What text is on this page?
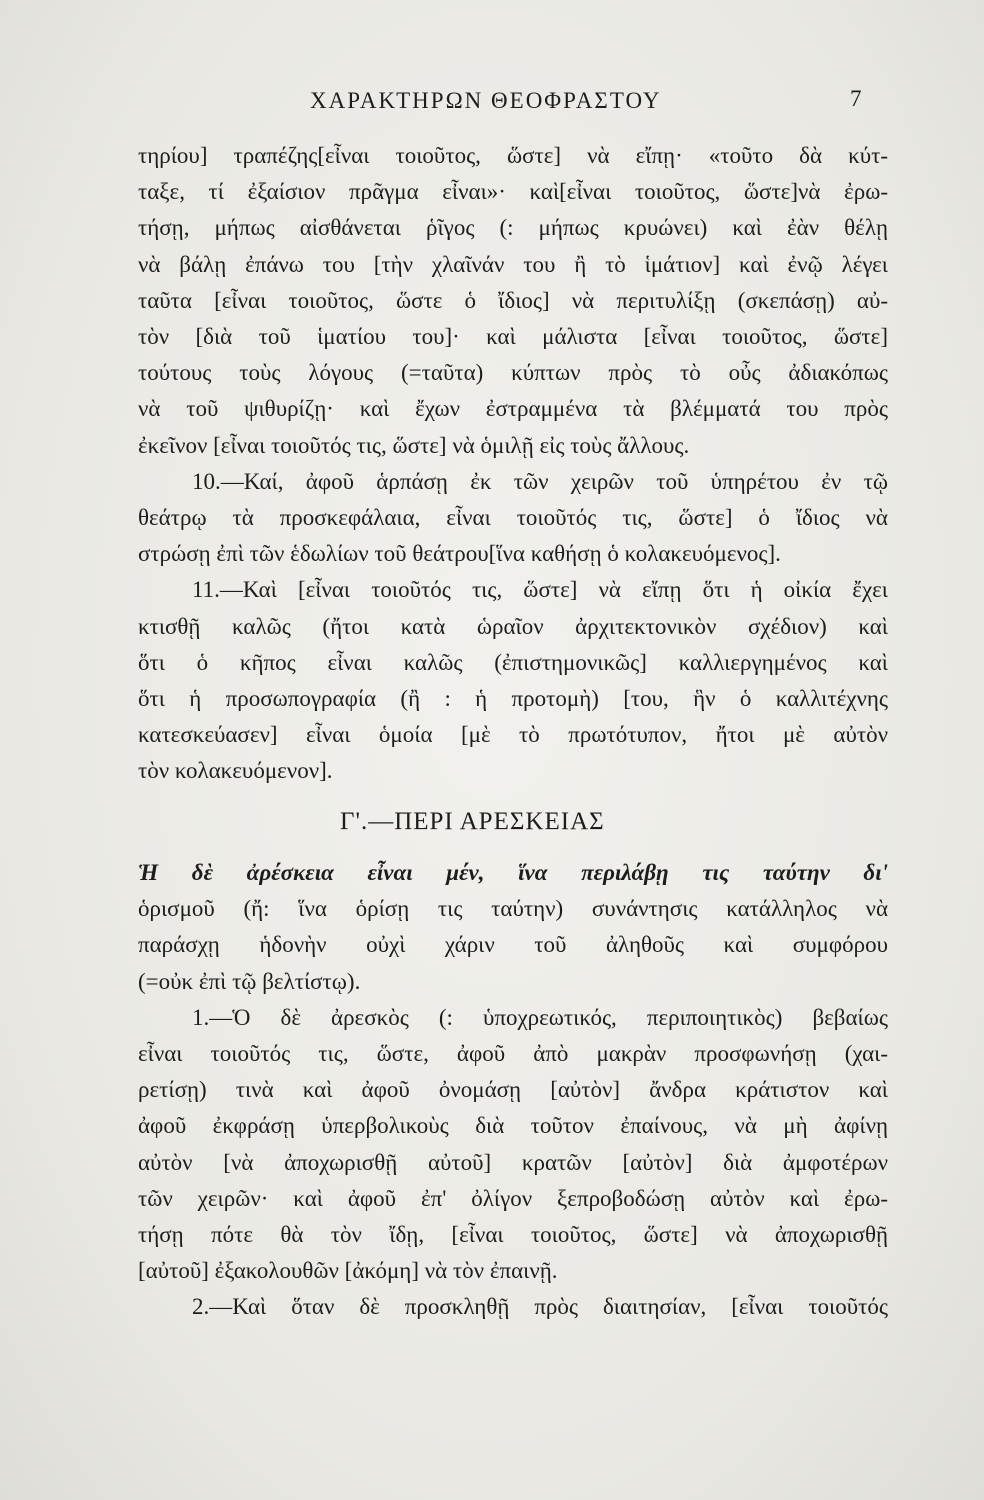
ΧΑΡΑΚΤΗΡΩΝ ΘΕΟΦΡΑΣΤΟΥ	7
τηρίου] τραπέζης[εἶναι τοιοῦτος, ὥστε] νὰ εἴπῃ· «τοῦτο δὰ κύτ-
ταξε, τί ἐξαίσιον πρᾶγμα εἶναι»· καὶ[εἶναι τοιοῦτος, ὥστε]νὰ ἐρω-
τήσῃ, μήπως αἰσθάνεται ῥῖγος (: μήπως κρυώνει) καὶ ἐὰν θέλῃ
νὰ βάλῃ ἐπάνω του [τὴν χλαῖνάν του ἢ τὸ ἱμάτιον] καὶ ἐνῷ λέγει
ταῦτα [εἶναι τοιοῦτος, ὥστε ὁ ἴδιος] νὰ περιτυλίξῃ (σκεπάσῃ) αὐ-
τὸν [διὰ τοῦ ἱματίου του]· καὶ μάλιστα [εἶναι τοιοῦτος, ὥστε]
τούτους τοὺς λόγους (=ταῦτα) κύπτων πρὸς τὸ οὖς ἀδιακόπως
νὰ τοῦ ψιθυρίζῃ· καὶ ἔχων ἐστραμμένα τὰ βλέμματά του πρὸς
ἐκεῖνον [εἶναι τοιοῦτός τις, ὥστε] νὰ ὁμιλῇ εἰς τοὺς ἄλλους.
10.—Καί, ἀφοῦ ἁρπάσῃ ἐκ τῶν χειρῶν τοῦ ὑπηρέτου ἐν τῷ
θεάτρῳ τὰ προσκεφάλαια, εἶναι τοιοῦτός τις, ὥστε] ὁ ἴδιος νὰ
στρώσῃ ἐπὶ τῶν ἑδωλίων τοῦ θεάτρου[ἵνα καθήσῃ ὁ κολακευόμενος].
11.—Καὶ [εἶναι τοιοῦτός τις, ὥστε] νὰ εἴπῃ ὅτι ἡ οἰκία ἔχει
κτισθῇ καλῶς (ἤτοι κατὰ ὡραῖον ἀρχιτεκτονικὸν σχέδιον) καὶ
ὅτι ὁ κῆπος εἶναι καλῶς (ἐπιστημονικῶς] καλλιεργημένος καὶ
ὅτι ἡ προσωπογραφία (ἢ : ἡ προτομὴ) [του, ἣν ὁ καλλιτέχνης
κατεσκεύασεν] εἶναι ὁμοία [μὲ τὸ πρωτότυπον, ἤτοι μὲ αὐτὸν
τὸν κολακευόμενον].
Γ'.—ΠΕΡΙ ΑΡΕΣΚΕΙΑΣ
Ἡ δὲ ἀρέσκεια εἶναι μέν, ἵνα περιλάβῃ τις ταύτην δι'
ὁρισμοῦ (ἤ: ἵνα ὁρίσῃ τις ταύτην) συνάντησις κατάλληλος νὰ
παράσχῃ ἡδονὴν οὐχὶ χάριν τοῦ ἀληθοῦς καὶ συμφόρου
(=οὐκ ἐπὶ τῷ βελτίστῳ).
1.—Ὁ δὲ ἀρεσκὸς (: ὑποχρεωτικός, περιποιητικὸς) βεβαίως
εἶναι τοιοῦτός τις, ὥστε, ἀφοῦ ἀπὸ μακρὰν προσφωνήσῃ (χαι-
ρετίσῃ) τινὰ καὶ ἀφοῦ ὀνομάσῃ [αὐτὸν] ἄνδρα κράτιστον καὶ
ἀφοῦ ἐκφράσῃ ὑπερβολικοὺς διὰ τοῦτον ἐπαίνους, νὰ μὴ ἀφίνῃ
αὐτὸν [νὰ ἀποχωρισθῇ αὐτοῦ] κρατῶν [αὐτὸν] διὰ ἀμφοτέρων
τῶν χειρῶν· καὶ ἀφοῦ ἐπ' ὀλίγον ξεπροβοδώσῃ αὐτὸν καὶ ἐρω-
τήσῃ πότε θὰ τὸν ἴδῃ, [εἶναι τοιοῦτος, ὥστε] νὰ ἀποχωρισθῇ
[αὐτοῦ] ἐξακολουθῶν [ἀκόμη] νὰ τὸν ἐπαινῇ.
2.—Καὶ ὅταν δὲ προσκληθῇ πρὸς διαιτησίαν, [εἶναι τοιοῦτός
